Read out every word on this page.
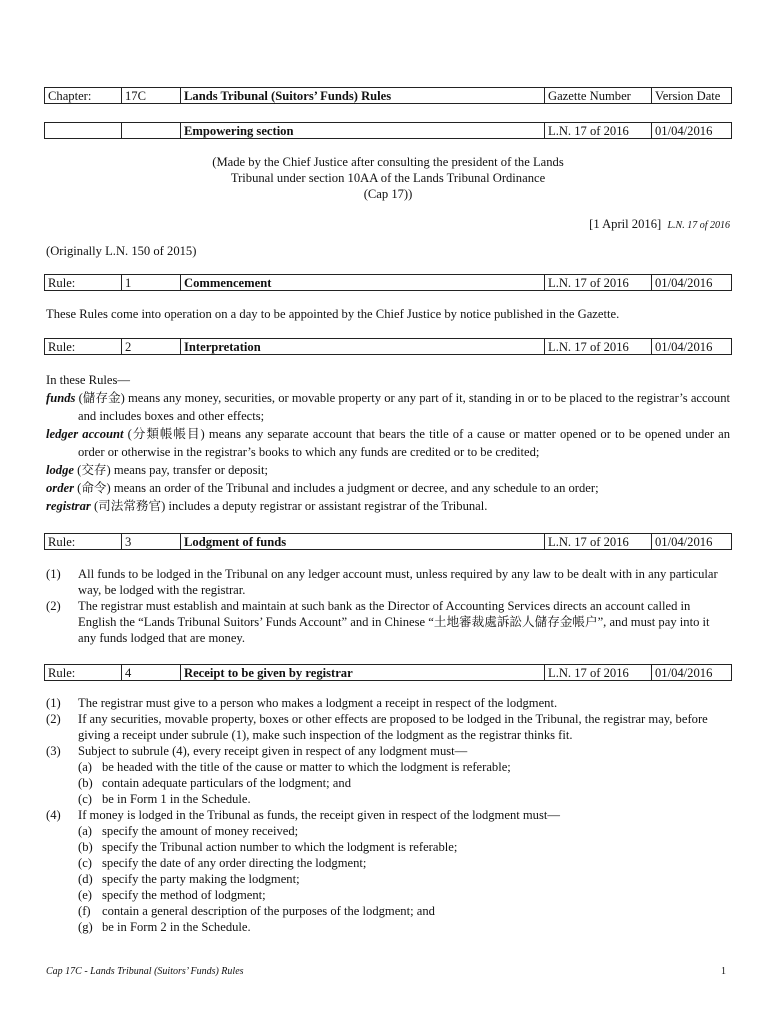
Chapter:	17C	Lands Tribunal (Suitors’ Funds) Rules	Gazette Number	Version Date
		Empowering section	L.N. 17 of 2016	01/04/2016
(Made by the Chief Justice after consulting the president of the Lands
Tribunal under section 10AA of the Lands Tribunal Ordinance
(Cap 17))
[1 April 2016] L.N. 17 of 2016
(Originally L.N. 150 of 2015)
Rule:	1	Commencement	L.N. 17 of 2016	01/04/2016
These Rules come into operation on a day to be appointed by the Chief Justice by notice published in the Gazette.
Rule:	2	Interpretation	L.N. 17 of 2016	01/04/2016
In these Rules—
funds (儲存金) means any money, securities, or movable property or any part of it, standing in or to be placed to the registrar’s account and includes boxes and other effects;
ledger account (分類帳帳目) means any separate account that bears the title of a cause or matter opened or to be opened under an order or otherwise in the registrar’s books to which any funds are credited or to be credited;
lodge (交存) means pay, transfer or deposit;
order (命令) means an order of the Tribunal and includes a judgment or decree, and any schedule to an order;
registrar (司法常務官) includes a deputy registrar or assistant registrar of the Tribunal.
Rule:	3	Lodgment of funds	L.N. 17 of 2016	01/04/2016
(1) All funds to be lodged in the Tribunal on any ledger account must, unless required by any law to be dealt with in any particular way, be lodged with the registrar.
(2) The registrar must establish and maintain at such bank as the Director of Accounting Services directs an account called in English the “Lands Tribunal Suitors’ Funds Account” and in Chinese “土地審裁處訴訟人儲存金帳户”, and must pay into it any funds lodged that are money.
Rule:	4	Receipt to be given by registrar	L.N. 17 of 2016	01/04/2016
(1) The registrar must give to a person who makes a lodgment a receipt in respect of the lodgment.
(2) If any securities, movable property, boxes or other effects are proposed to be lodged in the Tribunal, the registrar may, before giving a receipt under subrule (1), make such inspection of the lodgment as the registrar thinks fit.
(3) Subject to subrule (4), every receipt given in respect of any lodgment must—
(a) be headed with the title of the cause or matter to which the lodgment is referable;
(b) contain adequate particulars of the lodgment; and
(c) be in Form 1 in the Schedule.
(4) If money is lodged in the Tribunal as funds, the receipt given in respect of the lodgment must—
(a) specify the amount of money received;
(b) specify the Tribunal action number to which the lodgment is referable;
(c) specify the date of any order directing the lodgment;
(d) specify the party making the lodgment;
(e) specify the method of lodgment;
(f) contain a general description of the purposes of the lodgment; and
(g) be in Form 2 in the Schedule.
Cap 17C - Lands Tribunal (Suitors’ Funds) Rules	1
